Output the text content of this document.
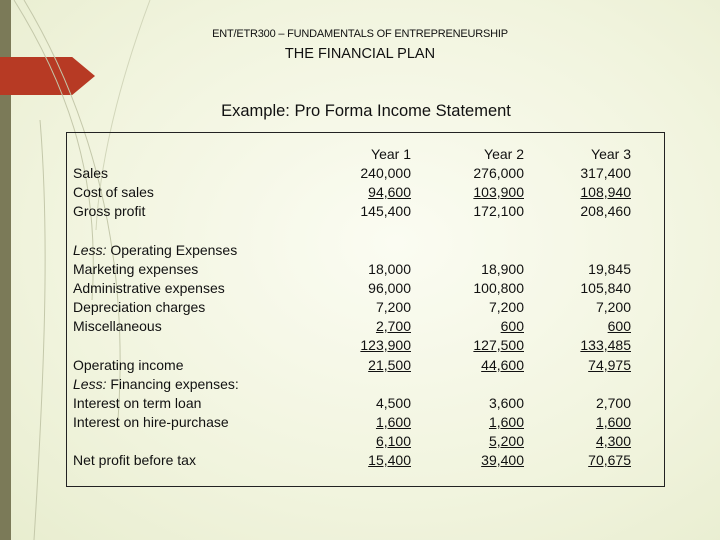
ENT/ETR300 – FUNDAMENTALS OF ENTREPRENEURSHIP
THE FINANCIAL PLAN
Example: Pro Forma Income Statement
Year 1	Year 2	Year 3
Sales	240,000	276,000	317,400
Cost of sales	94,600	103,900	108,940
Gross profit	145,400	172,100	208,460
Less: Operating Expenses
Marketing expenses	18,000	18,900	19,845
Administrative expenses	96,000	100,800	105,840
Depreciation charges	7,200	7,200	7,200
Miscellaneous	2,700	600	600
123,900	127,500	133,485
Operating income	21,500	44,600	74,975
Less: Financing expenses:
Interest on term loan	4,500	3,600	2,700
Interest on hire-purchase	1,600	1,600	1,600
6,100	5,200	4,300
Net profit before tax	15,400	39,400	70,675
